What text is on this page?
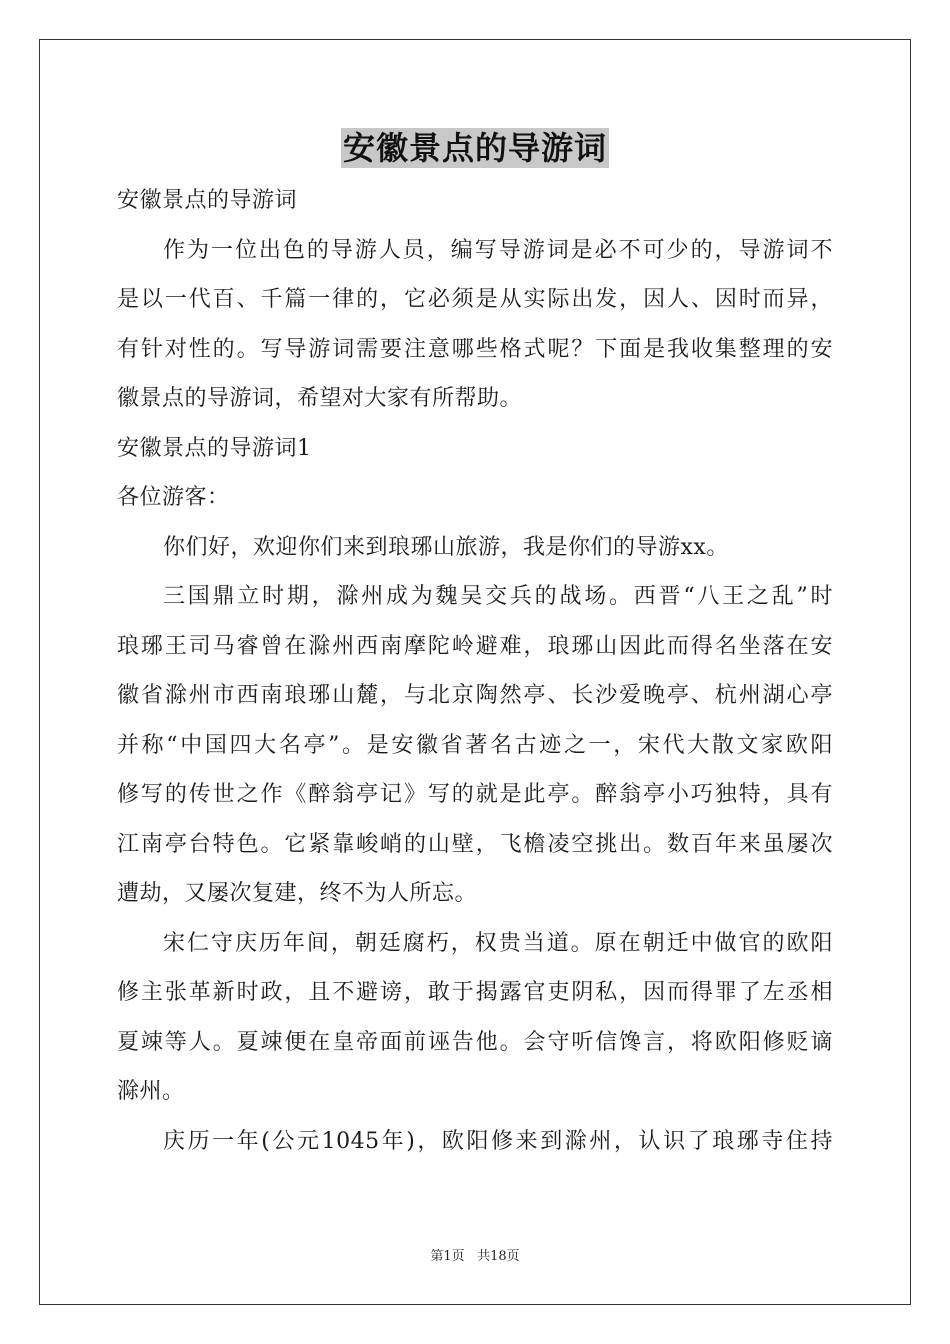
安徽景点的导游词
安徽景点的导游词
作为一位出色的导游人员，编写导游词是必不可少的，导游词不
是以一代百、千篇一律的，它必须是从实际出发，因人、因时而异，
有针对性的。写导游词需要注意哪些格式呢？下面是我收集整理的安
徽景点的导游词，希望对大家有所帮助。
安徽景点的导游词1
各位游客：
你们好，欢迎你们来到琅琊山旅游，我是你们的导游xx。
三国鼎立时期，滁州成为魏吴交兵的战场。西晋“八王之乱”时
琅琊王司马睿曾在滁州西南摩陀岭避难，琅琊山因此而得名坐落在安
徽省滁州市西南琅琊山麓，与北京陶然亭、长沙爱晚亭、杭州湖心亭
并称“中国四大名亭”。是安徽省著名古迹之一，宋代大散文家欧阳
修写的传世之作《醉翁亭记》写的就是此亭。醉翁亭小巧独特，具有
江南亭台特色。它紧靠峻峭的山壁，飞檐凌空挑出。数百年来虽屡次
遭劫，又屡次复建，终不为人所忘。
宋仁守庆历年间，朝廷腐朽，权贵当道。原在朝迁中做官的欧阳
修主张革新时政，且不避谤，敢于揭露官吏阴私，因而得罪了左丞相
夏竦等人。夏竦便在皇帝面前诬告他。会守听信馋言，将欧阳修贬谪
滁州。
庆历一年(公元1045年)，欧阳修来到滁州，认识了琅琊寺住持
第1页 共18页
